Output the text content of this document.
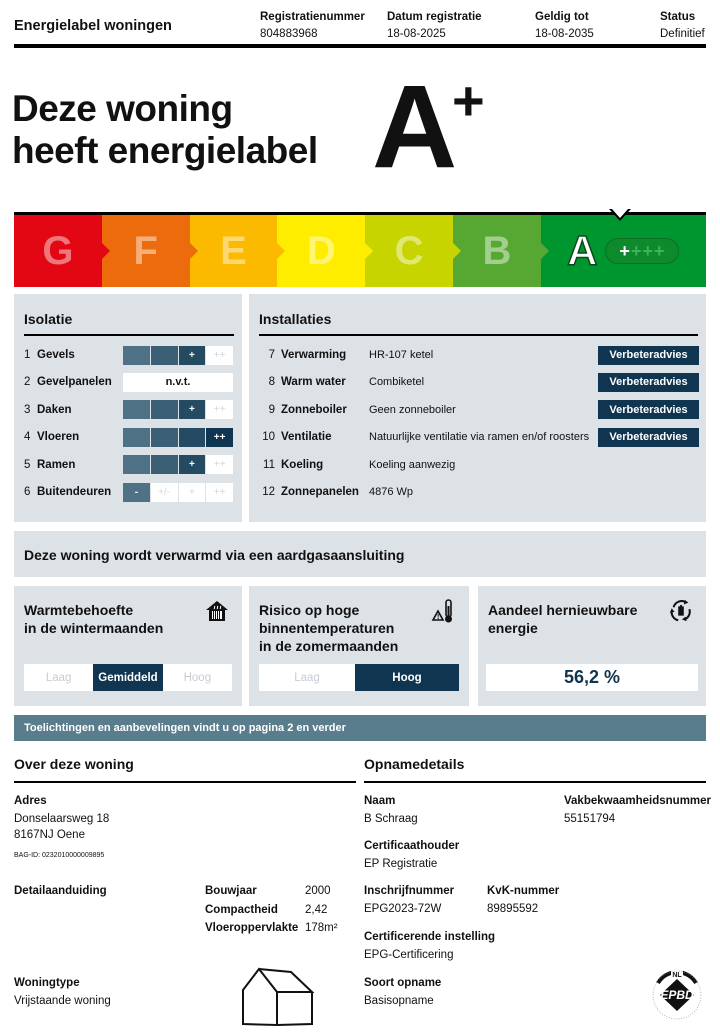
Energielabel woningen
Registratienummer
804883968
Datum registratie
18-08-2025
Geldig tot
18-08-2035
Status
Definitief
Deze woning
heeft energielabel A
+
G F E D C B A + +++
Isolatie
1 Gevels	+	++
2 Gevelpanelen	n.v.t.
3 Daken	+	++
4 Vloeren	++
5 Ramen	+	++
6 Buitendeuren	-	+/-	+	++
Installaties
7 Verwarming	HR-107 ketel	Verbeteradvies
8 Warm water	Combiketel	Verbeteradvies
9 Zonneboiler	Geen zonneboiler	Verbeteradvies
10 Ventilatie	Natuurlijke ventilatie via ramen en/of roosters	Verbeteradvies
11 Koeling	Koeling aanwezig
12 Zonnepanelen 4876 Wp
Deze woning wordt verwarmd via een aardgasaansluiting
Warmtebehoefte
in de wintermaanden
Laag	Gemiddeld	Hoog
Risico op hoge
binnentemperaturen
in de zomermaanden
!
Laag	Hoog
Aandeel hernieuwbare
energie
56,2 %
Toelichtingen en aanbevelingen vindt u op pagina 2 en verder
Over deze woning
Adres
Donselaarsweg 18
8167NJ Oene
BAG-ID: 0232010000009895
Detailaanduiding	Bouwjaar	2000
Compactheid 2,42
Vloeroppervlakte 178m²
Woningtype
Vrijstaande woning
Opnamedetails
Naam
B Schraag
Vakbekwaamheidsnummer
55151794
Certificaathouder
EP Registratie
Inschrijfnummer
EPG2023-72W
KvK-nummer
89895592
Certificerende instelling
EPG-Certificering
Soort opname
Basisopname
NL
EPBD
